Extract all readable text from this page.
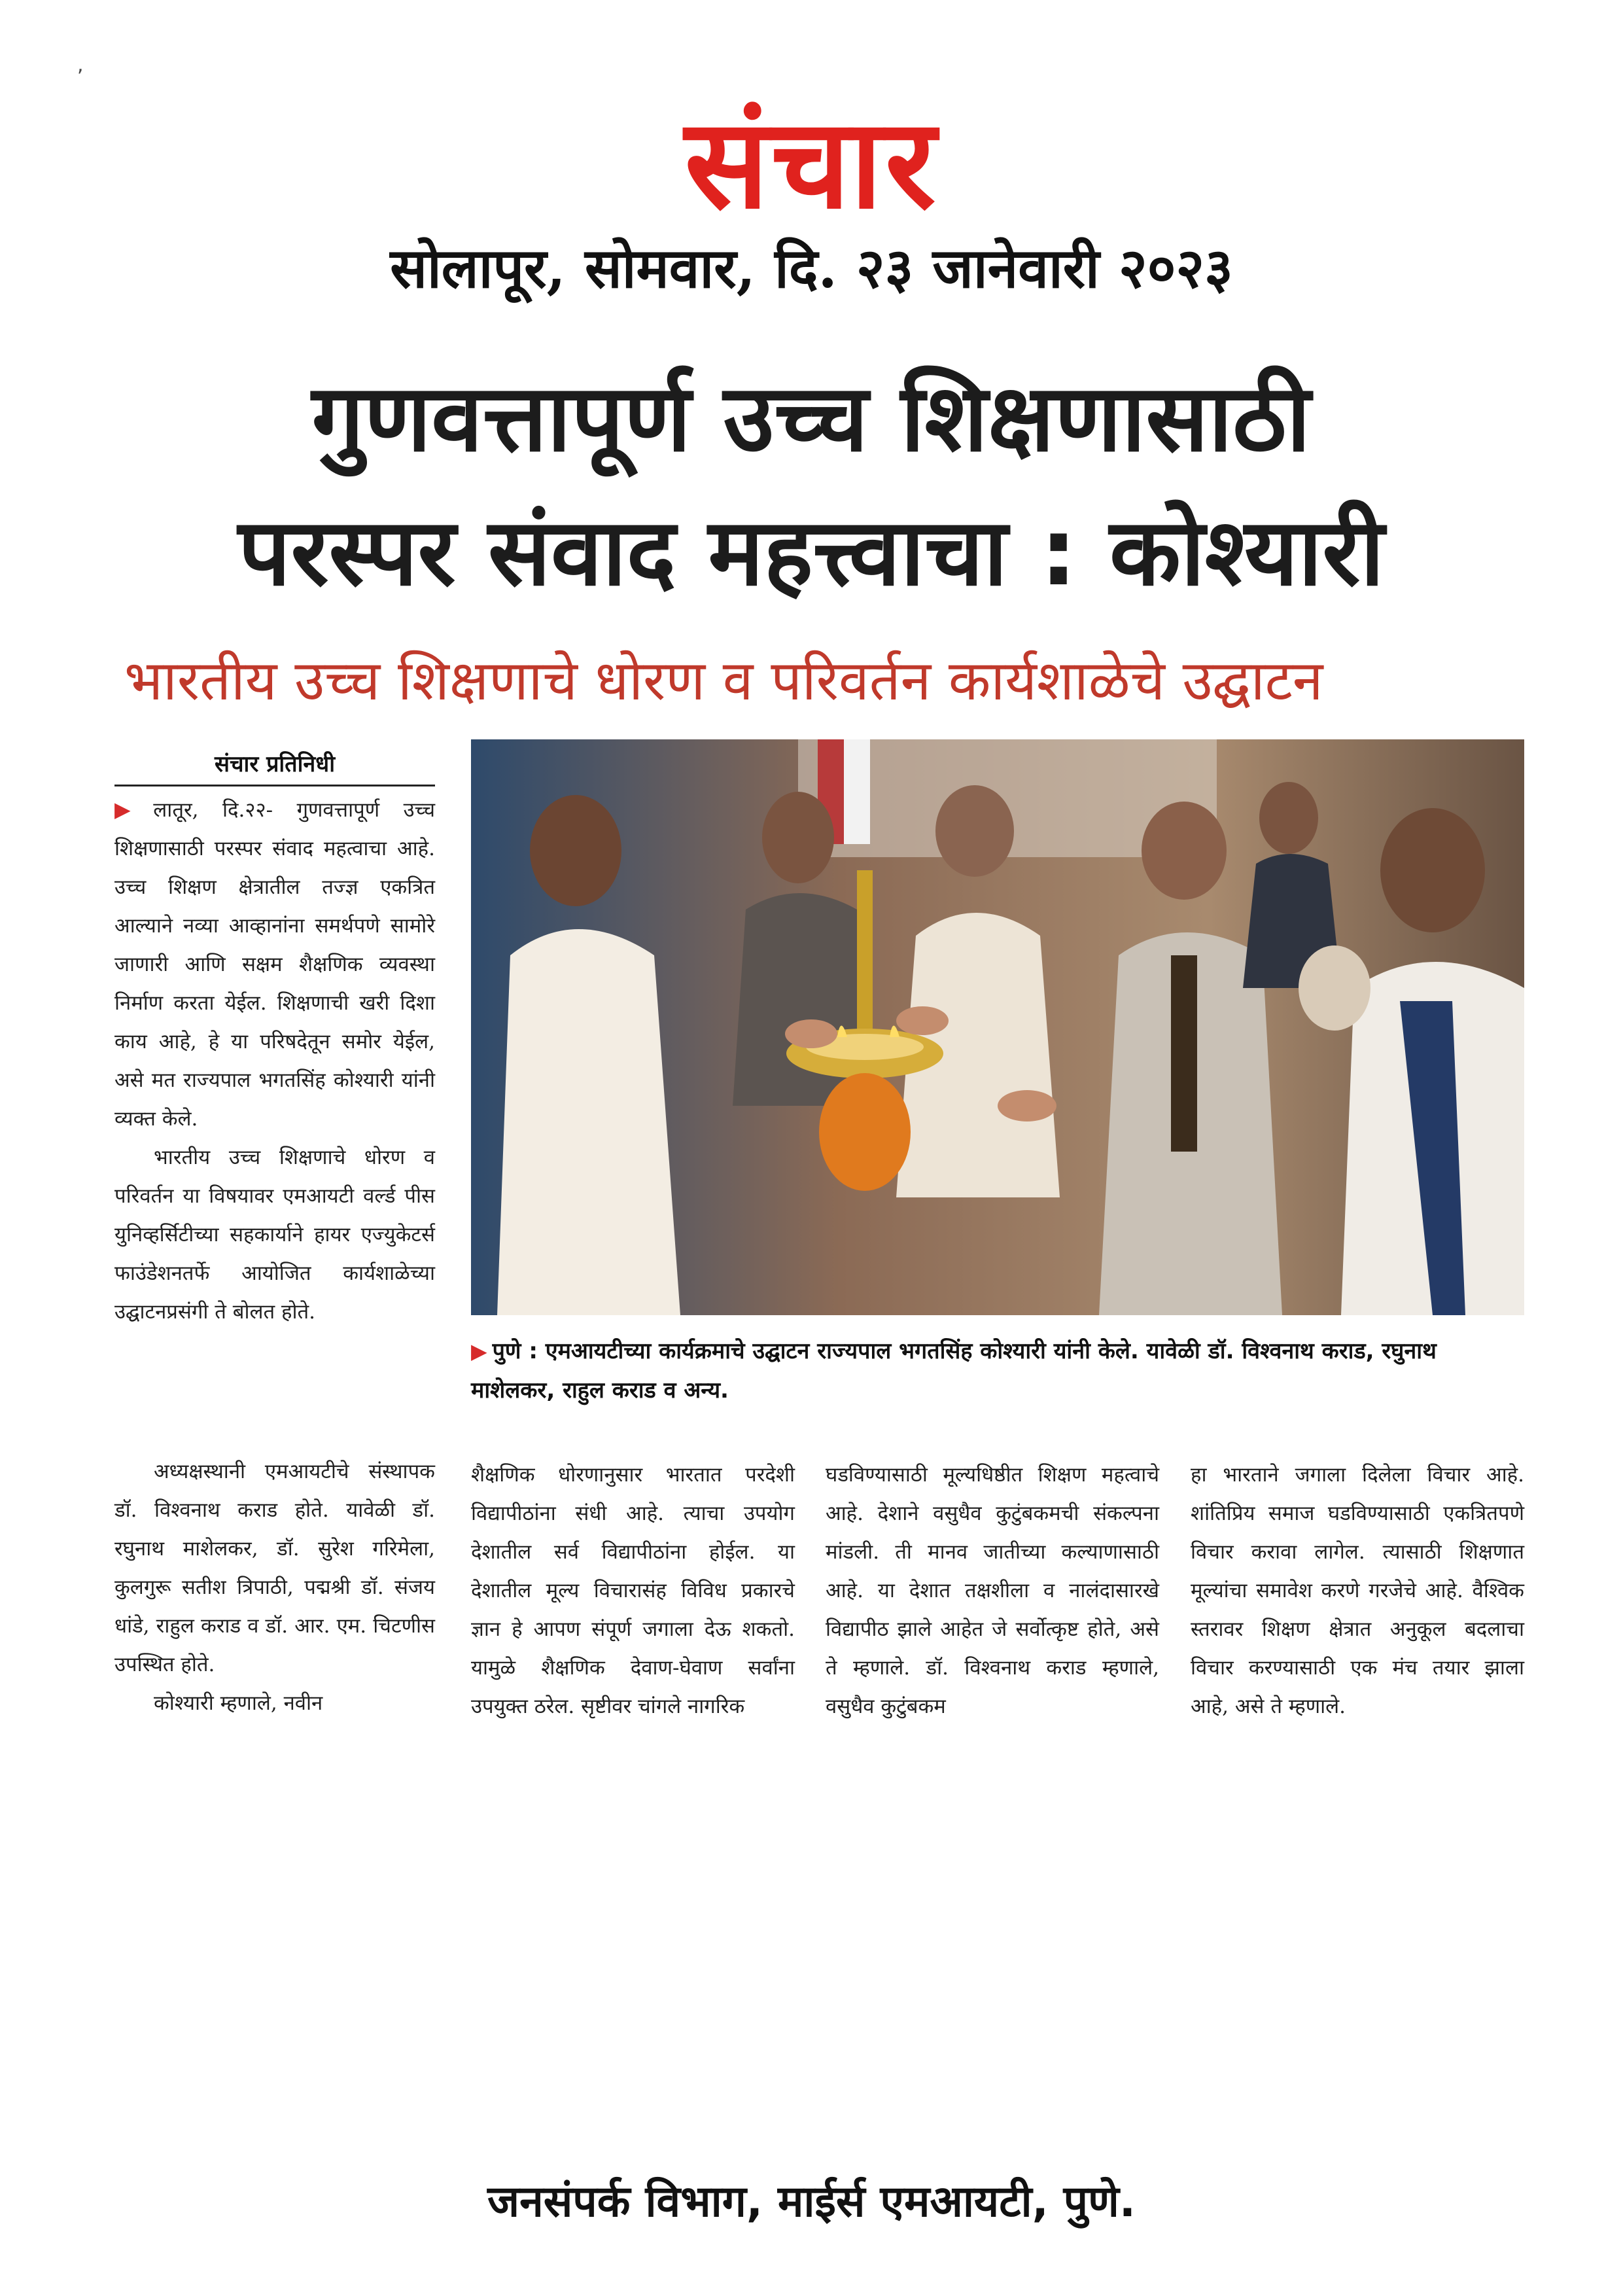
,
संचार
सोलापूर, सोमवार, दि. २३ जानेवारी २०२३
गुणवत्तापूर्ण उच्च शिक्षणासाठी
परस्पर संवाद महत्त्वाचा : कोश्यारी
भारतीय उच्च शिक्षणाचे धोरण व परिवर्तन कार्यशाळेचे उद्घाटन
संचार प्रतिनिधी

▶ लातूर, दि.२२- गुणवत्तापूर्ण उच्च शिक्षणासाठी परस्पर संवाद महत्वाचा आहे. उच्च शिक्षण क्षेत्रातील तज्ज्ञ एकत्रित आल्याने नव्या आव्हानांना समर्थपणे सामोरे जाणारी आणि सक्षम शैक्षणिक व्यवस्था निर्माण करता येईल. शिक्षणाची खरी दिशा काय आहे, हे या परिषदेतून समोर येईल, असे मत राज्यपाल भगतसिंह कोश्यारी यांनी व्यक्त केले.

भारतीय उच्च शिक्षणाचे धोरण व परिवर्तन या विषयावर एमआयटी वर्ल्ड पीस युनिव्हर्सिटीच्या सहकार्याने हायर एज्युकेटर्स फाउंडेशनतर्फे आयोजित कार्यशाळेच्या उद्घाटनप्रसंगी ते बोलत होते.

▶ पुणे : एमआयटीच्या कार्यक्रमाचे उद्घाटन राज्यपाल भगतसिंह कोश्यारी यांनी केले. यावेळी डॉ. विश्वनाथ कराड, रघुनाथ माशेलकर, राहुल कराड व अन्य.

अध्यक्षस्थानी एमआयटीचे संस्थापक डॉ. विश्वनाथ कराड होते. यावेळी डॉ. रघुनाथ माशेलकर, डॉ. सुरेश गरिमेला, कुलगुरू सतीश त्रिपाठी, पद्मश्री डॉ. संजय धांडे, राहुल कराड व डॉ. आर. एम. चिटणीस उपस्थित होते.

कोश्यारी म्हणाले, नवीन

शैक्षणिक धोरणानुसार भारतात परदेशी विद्यापीठांना संधी आहे. त्याचा उपयोग देशातील सर्व विद्यापीठांना होईल. या देशातील मूल्य विचारासंह विविध प्रकारचे ज्ञान हे आपण संपूर्ण जगाला देऊ शकतो. यामुळे शैक्षणिक देवाण-घेवाण सर्वांना उपयुक्त ठरेल. सृष्टीवर चांगले नागरिक

घडविण्यासाठी मूल्यधिष्ठीत शिक्षण महत्वाचे आहे. देशाने वसुधैव कुटुंबकमची संकल्पना मांडली. ती मानव जातीच्या कल्याणासाठी आहे. या देशात तक्षशीला व नालंदासारखे विद्यापीठ झाले आहेत जे सर्वोत्कृष्ट होते, असे ते म्हणाले. डॉ. विश्वनाथ कराड म्हणाले, वसुधैव कुटुंबकम

हा भारताने जगाला दिलेला विचार आहे. शांतिप्रिय समाज घडविण्यासाठी एकत्रितपणे विचार करावा लागेल. त्यासाठी शिक्षणात मूल्यांचा समावेश करणे गरजेचे आहे. वैश्विक स्तरावर शिक्षण क्षेत्रात अनुकूल बदलाचा विचार करण्यासाठी एक मंच तयार झाला आहे, असे ते म्हणाले.

जनसंपर्क विभाग, माईर्स एमआयटी, पुणे.
